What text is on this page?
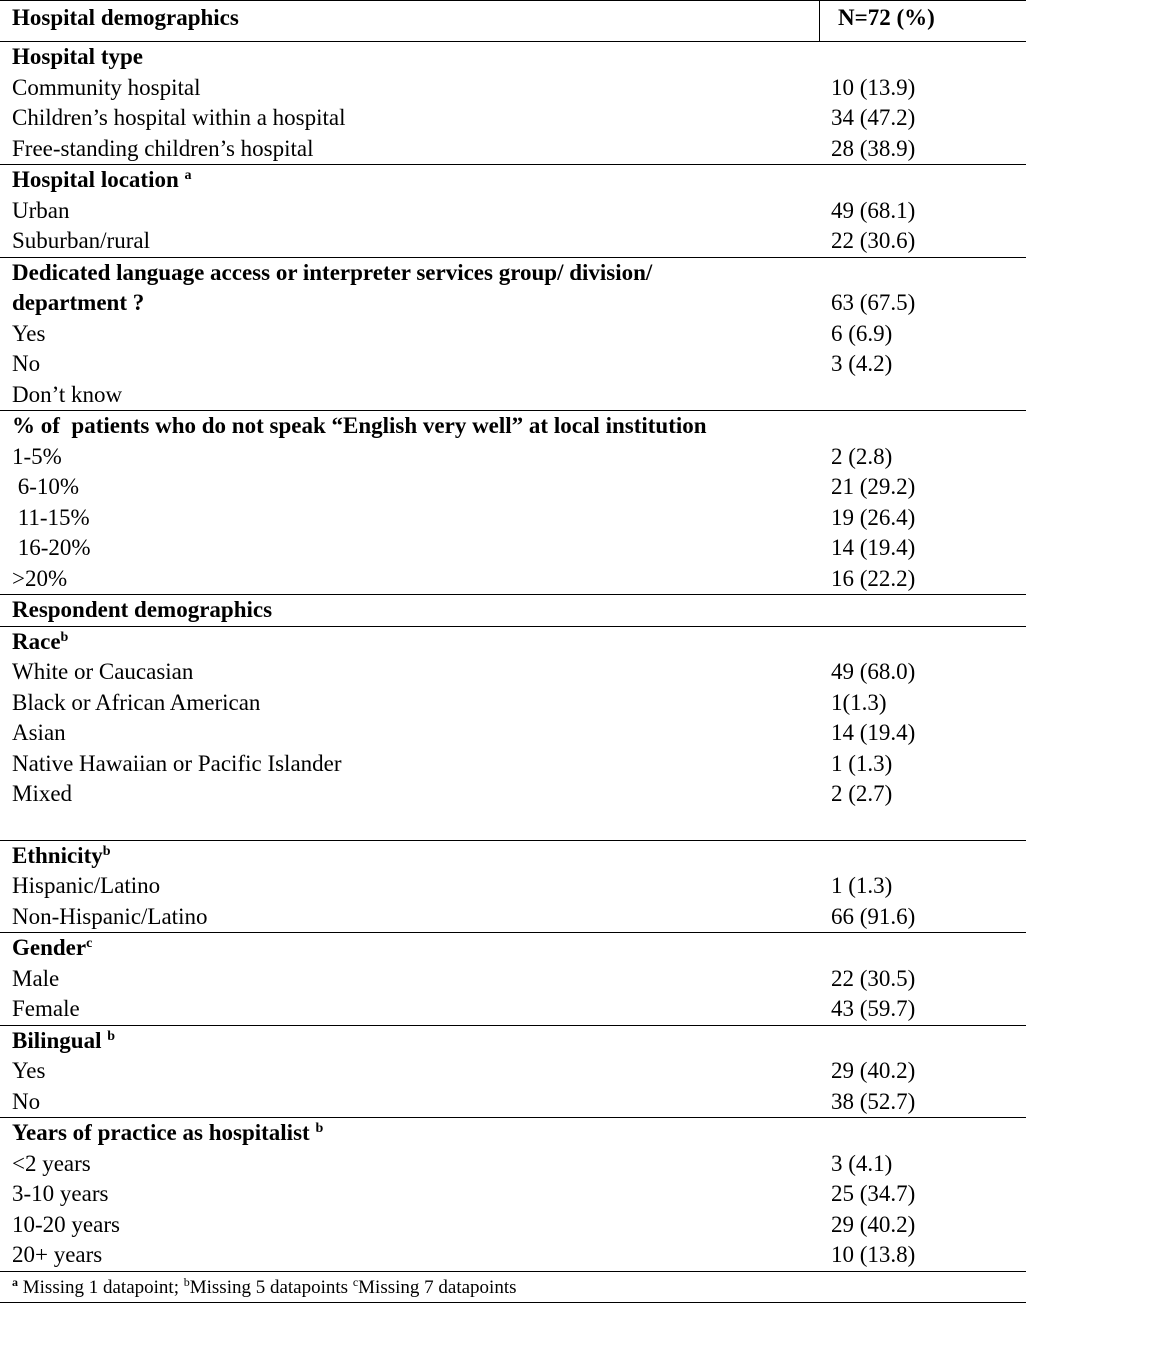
Hospital demographics	N=72 (%)
Hospital type
Community hospital	10 (13.9)
Children’s hospital within a hospital	34 (47.2)
Free-standing children’s hospital	28 (38.9)
Hospital location $^a$
Urban	49 (68.1)
Suburban/rural	22 (30.6)
Dedicated language access or interpreter services group/ division/
department ?	63 (67.5)
Yes	6 (6.9)
No	3 (4.2)
Don’t know
% of  patients who do not speak “English very well” at local institution
1-5%	2 (2.8)
6-10%	21 (29.2)
11-15%	19 (26.4)
16-20%	14 (19.4)
>20%	16 (22.2)
Respondent demographics
Race$^b$
White or Caucasian	49 (68.0)
Black or African American	1(1.3)
Asian	14 (19.4)
Native Hawaiian or Pacific Islander	1 (1.3)
Mixed	2 (2.7)
Ethnicity$^b$
Hispanic/Latino	1 (1.3)
Non-Hispanic/Latino	66 (91.6)
Gender$^c$
Male	22 (30.5)
Female	43 (59.7)
Bilingual $^b$
Yes	29 (40.2)
No	38 (52.7)
Years of practice as hospitalist $^b$
<2 years	3 (4.1)
3-10 years	25 (34.7)
10-20 years	29 (40.2)
20+ years	10 (13.8)
$^a$ Missing 1 datapoint; $^b$Missing 5 datapoints $^c$Missing 7 datapoints
